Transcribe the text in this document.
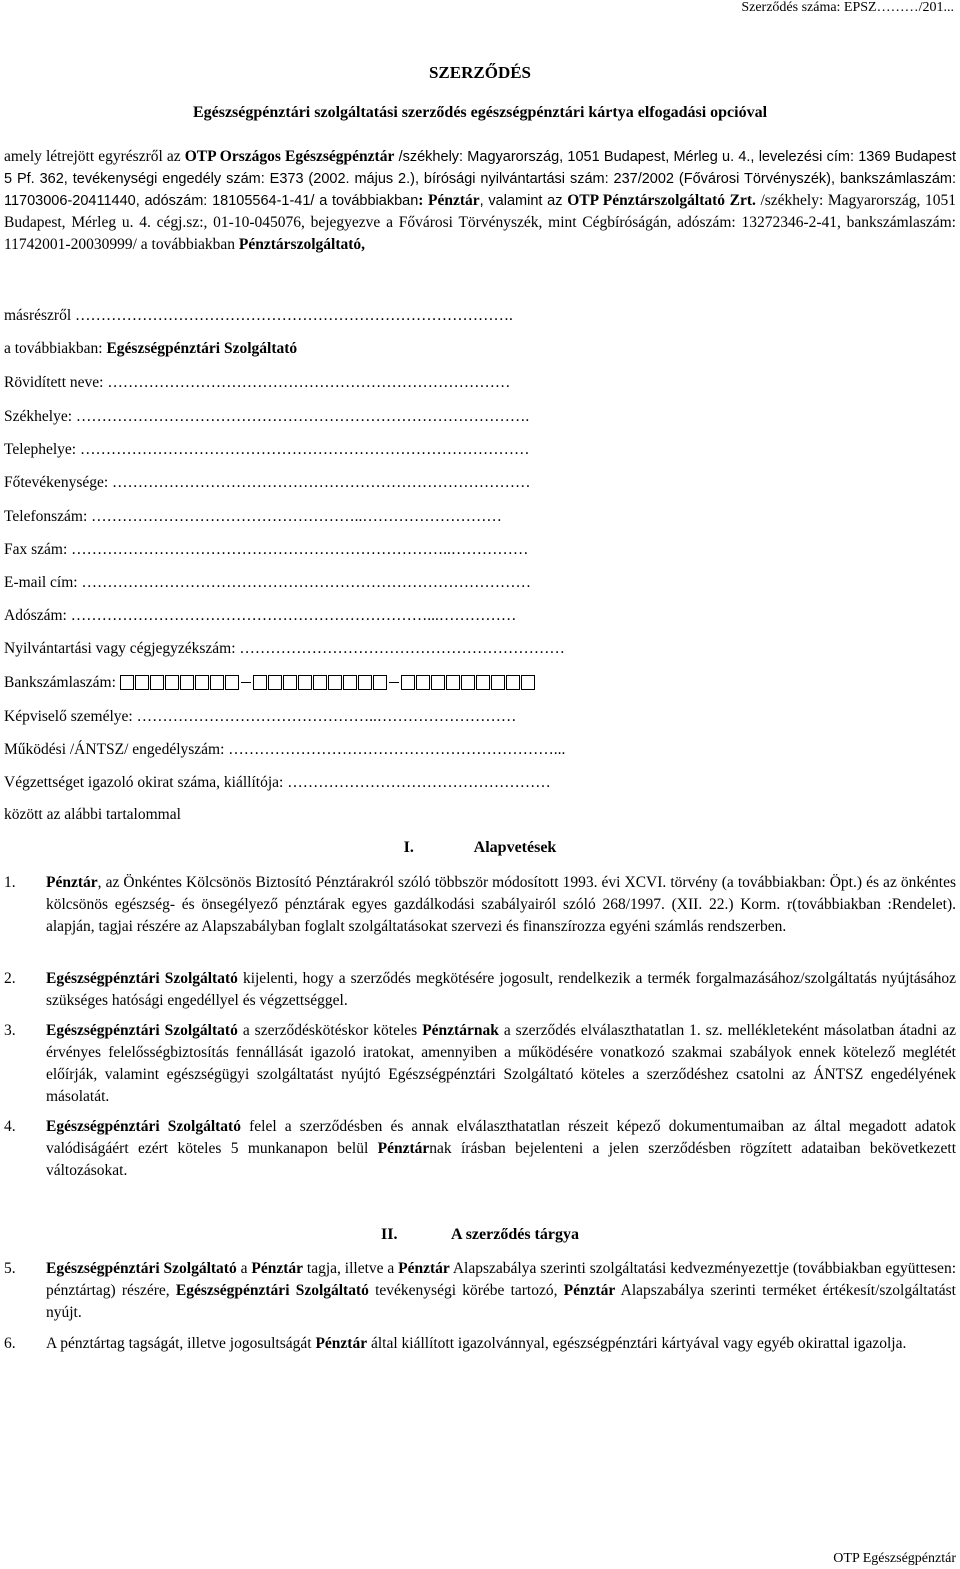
Szerződés száma: EPSZ………/201...
SZERZŐDÉS
Egészségpénztári szolgáltatási szerződés egészségpénztári kártya elfogadási opcióval
amely létrejött egyrészről az OTP Országos Egészségpénztár /székhely: Magyarország, 1051 Budapest, Mérleg u. 4., levelezési cím: 1369 Budapest 5 Pf. 362, tevékenységi engedély szám: E373 (2002. május 2.), bírósági nyilvántartási szám: 237/2002 (Fővárosi Törvényszék), bankszámlaszám: 11703006-20411440, adószám: 18105564-1-41/ a továbbiakban: Pénztár, valamint az OTP Pénztárszolgáltató Zrt. /székhely: Magyarország, 1051 Budapest, Mérleg u. 4. cégj.sz:, 01-10-045076, bejegyezve a Fővárosi Törvényszék, mint Cégbíróságán, adószám: 13272346-2-41, bankszámlaszám: 11742001-20030999/ a továbbiakban Pénztárszolgáltató,
másrészről ………………………………………………………………………….
a továbbiakban: Egészségpénztári Szolgáltató
Rövidített neve: ……………………………………………………………………
Székhelye: …………………………………………………………………………….
Telephelye: ……………………………………………………………………………
Főtevékenysége: ………………………………………………………………………
Telefonszám: ……………………………………………..………………………
Fax szám: ………………………………………………………………..……………
E-mail cím: ……………………………………………………………………………
Adószám: ……………………………………………………………...……………
Nyilvántartási vagy cégjegyzékszám: ………………………………………………………
Bankszámlaszám:
Képviselő személye: ………………………………………..………………………
Működési /ÁNTSZ/ engedélyszám: ………………………………………………………...
Végzettséget igazoló okirat száma, kiállítója: ……………………………………………
között az alábbi tartalommal
I.	Alapvetések
1. Pénztár, az Önkéntes Kölcsönös Biztosító Pénztárakról szóló többször módosított 1993. évi XCVI. törvény (a továbbiakban: Öpt.) és az önkéntes kölcsönös egészség- és önsegélyező pénztárak egyes gazdálkodási szabályairól szóló 268/1997. (XII. 22.) Korm. r(továbbiakban :Rendelet). alapján, tagjai részére az Alapszabályban foglalt szolgáltatásokat szervezi és finanszírozza egyéni számlás rendszerben.
2. Egészségpénztári Szolgáltató kijelenti, hogy a szerződés megkötésére jogosult, rendelkezik a termék forgalmazásához/szolgáltatás nyújtásához szükséges hatósági engedéllyel és végzettséggel.
3. Egészségpénztári Szolgáltató a szerződéskötéskor köteles Pénztárnak a szerződés elválaszthatatlan 1. sz. mellékleteként másolatban átadni az érvényes felelősségbiztosítás fennállását igazoló iratokat, amennyiben a működésére vonatkozó szakmai szabályok ennek kötelező meglétét előírják, valamint egészségügyi szolgáltatást nyújtó Egészségpénztári Szolgáltató köteles a szerződéshez csatolni az ÁNTSZ engedélyének másolatát.
4. Egészségpénztári Szolgáltató felel a szerződésben és annak elválaszthatatlan részeit képező dokumentumaiban az által megadott adatok valódiságáért ezért köteles 5 munkanapon belül Pénztárnak írásban bejelenteni a jelen szerződésben rögzített adataiban bekövetkezett változásokat.
II.	A szerződés tárgya
5. Egészségpénztári Szolgáltató a Pénztár tagja, illetve a Pénztár Alapszabálya szerinti szolgáltatási kedvezményezettje (továbbiakban együttesen: pénztártag) részére, Egészségpénztári Szolgáltató tevékenységi körébe tartozó, Pénztár Alapszabálya szerinti terméket értékesít/szolgáltatást nyújt.
6. A pénztártag tagságát, illetve jogosultságát Pénztár által kiállított igazolvánnyal, egészségpénztári kártyával vagy egyéb okirattal igazolja.
OTP Egészségpénztár
